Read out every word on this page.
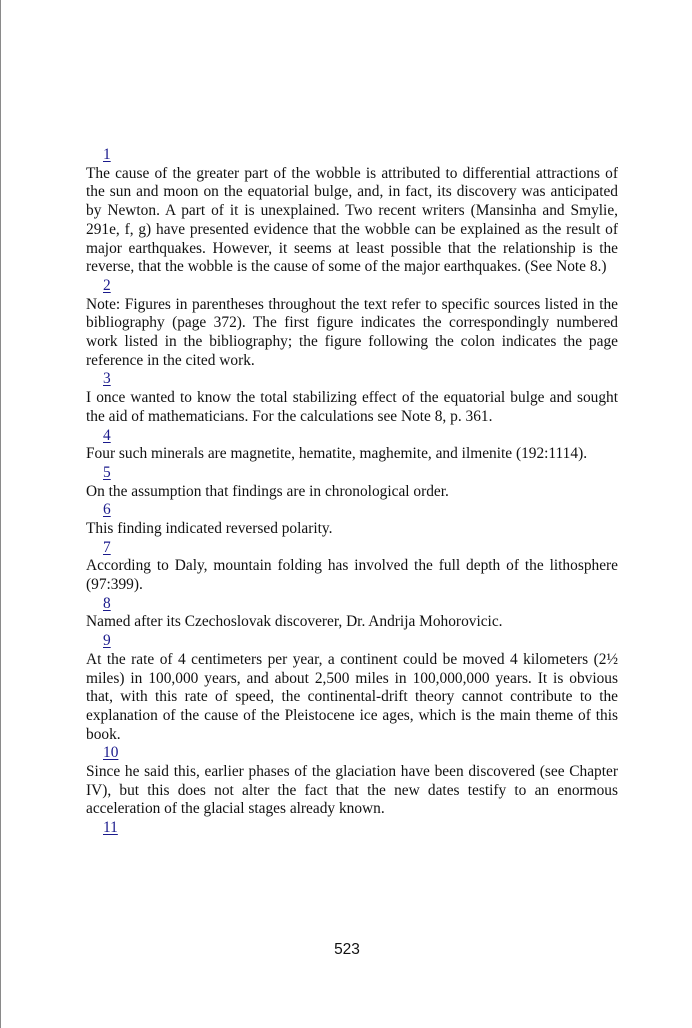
1

The cause of the greater part of the wobble is attributed to differential attractions of the sun and moon on the equatorial bulge, and, in fact, its discovery was anticipated by Newton. A part of it is unexplained. Two recent writers (Mansinha and Smylie, 291e, f, g) have presented evidence that the wobble can be explained as the result of major earthquakes. However, it seems at least possible that the relationship is the reverse, that the wobble is the cause of some of the major earthquakes. (See Note 8.)

2

Note: Figures in parentheses throughout the text refer to specific sources listed in the bibliography (page 372). The first figure indicates the correspondingly numbered work listed in the bibliography; the figure following the colon indicates the page reference in the cited work.

3

I once wanted to know the total stabilizing effect of the equatorial bulge and sought the aid of mathematicians. For the calculations see Note 8, p. 361.

4

Four such minerals are magnetite, hematite, maghemite, and ilmenite (192:1114).

5

On the assumption that findings are in chronological order.

6

This finding indicated reversed polarity.

7

According to Daly, mountain folding has involved the full depth of the lithosphere (97:399).

8

Named after its Czechoslovak discoverer, Dr. Andrija Mohorovicic.

9

At the rate of 4 centimeters per year, a continent could be moved 4 kilometers (2½ miles) in 100,000 years, and about 2,500 miles in 100,000,000 years. It is obvious that, with this rate of speed, the continental-drift theory cannot contribute to the explanation of the cause of the Pleistocene ice ages, which is the main theme of this book.

10

Since he said this, earlier phases of the glaciation have been discovered (see Chapter IV), but this does not alter the fact that the new dates testify to an enormous acceleration of the glacial stages already known.

11
523
